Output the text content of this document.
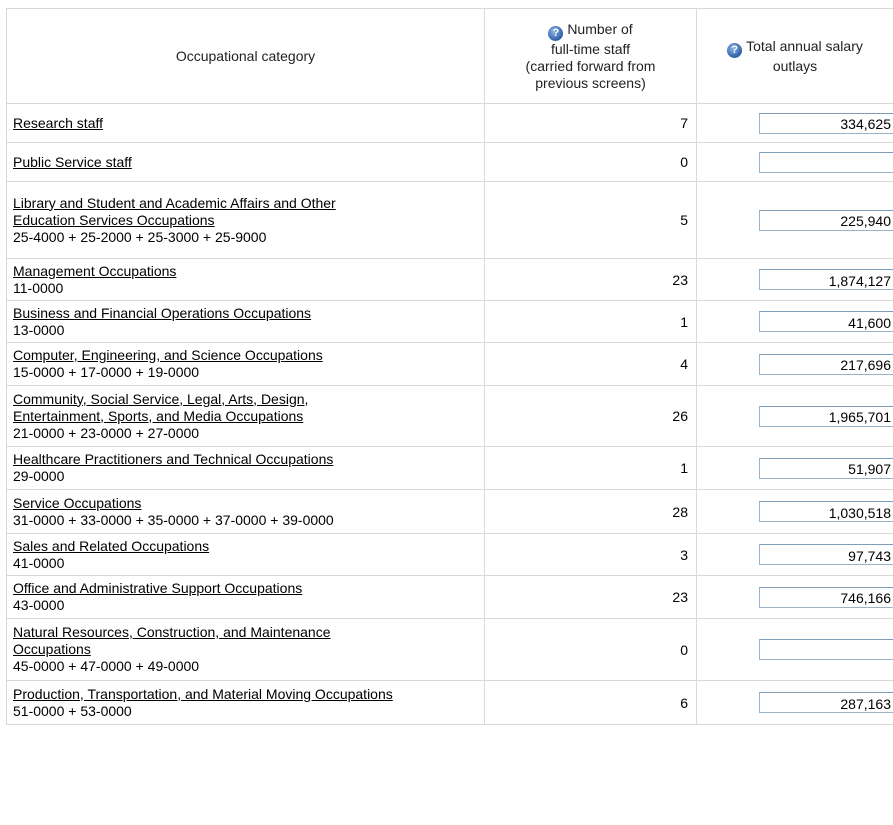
Occupational category	? Number of
full-time staff
(carried forward from
previous screens)	? Total annual salary
outlays
Research staff	7	334,625
Public Service staff	0	
Library and Student and Academic Affairs and Other
Education Services Occupations
25-4000 + 25-2000 + 25-3000 + 25-9000	5	225,940
Management Occupations
11-0000	23	1,874,127
Business and Financial Operations Occupations
13-0000	1	41,600
Computer, Engineering, and Science Occupations
15-0000 + 17-0000 + 19-0000	4	217,696
Community, Social Service, Legal, Arts, Design,
Entertainment, Sports, and Media Occupations
21-0000 + 23-0000 + 27-0000	26	1,965,701
Healthcare Practitioners and Technical Occupations
29-0000	1	51,907
Service Occupations
31-0000 + 33-0000 + 35-0000 + 37-0000 + 39-0000	28	1,030,518
Sales and Related Occupations
41-0000	3	97,743
Office and Administrative Support Occupations
43-0000	23	746,166
Natural Resources, Construction, and Maintenance
Occupations
45-0000 + 47-0000 + 49-0000	0	
Production, Transportation, and Material Moving Occupations
51-0000 + 53-0000	6	287,163
